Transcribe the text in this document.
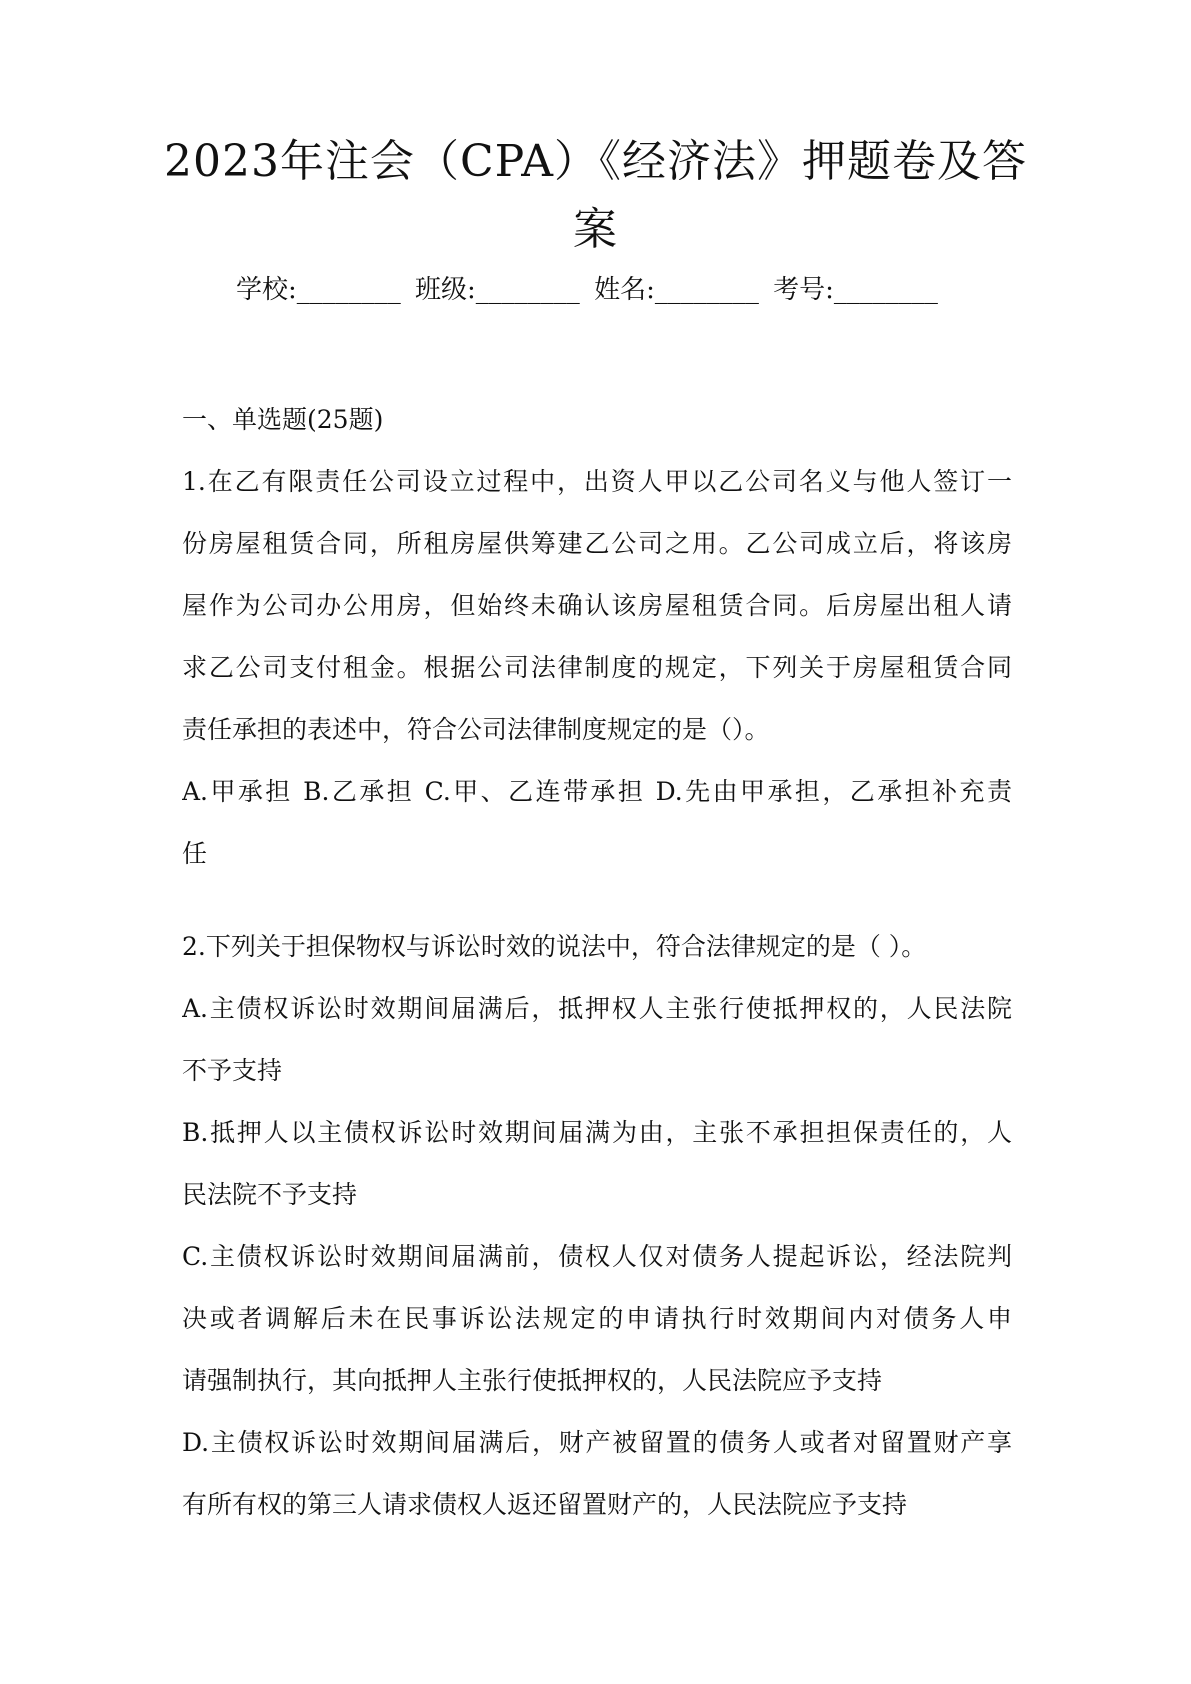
2023年注会（CPA）《经济法》押题卷及答
案
学校:________ 班级:________ 姓名:________ 考号:________
一、单选题(25题)
1.在乙有限责任公司设立过程中，出资人甲以乙公司名义与他人签订一
份房屋租赁合同，所租房屋供筹建乙公司之用。乙公司成立后，将该房
屋作为公司办公用房，但始终未确认该房屋租赁合同。后房屋出租人请
求乙公司支付租金。根据公司法律制度的规定，下列关于房屋租赁合同
责任承担的表述中，符合公司法律制度规定的是（）。
A.甲承担 B.乙承担 C.甲、乙连带承担 D.先由甲承担，乙承担补充责
任
2.下列关于担保物权与诉讼时效的说法中，符合法律规定的是（ ）。
A.主债权诉讼时效期间届满后，抵押权人主张行使抵押权的，人民法院
不予支持
B.抵押人以主债权诉讼时效期间届满为由，主张不承担担保责任的，人
民法院不予支持
C.主债权诉讼时效期间届满前，债权人仅对债务人提起诉讼，经法院判
决或者调解后未在民事诉讼法规定的申请执行时效期间内对债务人申
请强制执行，其向抵押人主张行使抵押权的，人民法院应予支持
D.主债权诉讼时效期间届满后，财产被留置的债务人或者对留置财产享
有所有权的第三人请求债权人返还留置财产的，人民法院应予支持
